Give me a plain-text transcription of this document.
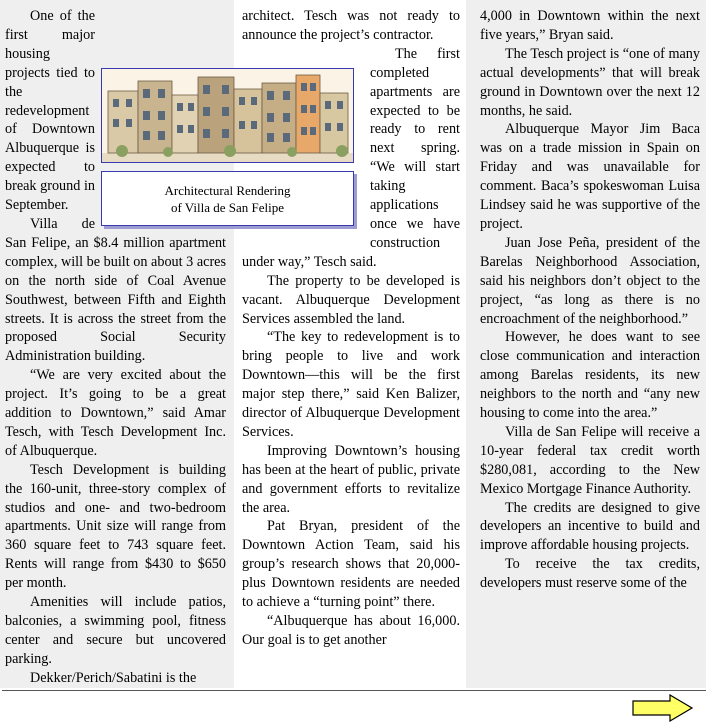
One of the first major housing projects tied to the redevelopment of Downtown Albuquerque is expected to break ground in September.

Villa de San Felipe, an $8.4 million apartment complex, will be built on about 3 acres on the north side of Coal Avenue Southwest, between Fifth and Eighth streets. It is across the street from the proposed Social Security Administration building.

“We are very excited about the project. It’s going to be a great addition to Downtown,” said Amar Tesch, with Tesch Development Inc. of Albuquerque.

Tesch Development is building the 160-unit, three-story complex of studios and one- and two-bedroom apartments. Unit size will range from 360 square feet to 743 square feet. Rents will range from $430 to $650 per month.

Amenities will include patios, balconies, a swimming pool, fitness center and secure but uncovered parking.

Dekker/Perich/Sabatini is the

architect. Tesch was not ready to announce the project’s contractor.

The first completed apartments are expected to be ready to rent next spring. “We will start taking applications once we have construction under way,” Tesch said.

The property to be developed is vacant. Albuquerque Development Services assembled the land.

“The key to redevelopment is to bring people to live and work Downtown—this will be the first major step there,” said Ken Balizer, director of Albuquerque Development Services.

Improving Downtown’s housing has been at the heart of public, private and government efforts to revitalize the area.

Pat Bryan, president of the Downtown Action Team, said his group’s research shows that 20,000-plus Downtown residents are needed to achieve a “turning point” there.

“Albuquerque has about 16,000. Our goal is to get another

4,000 in Downtown within the next five years,” Bryan said.

The Tesch project is “one of many actual developments” that will break ground in Downtown over the next 12 months, he said.

Albuquerque Mayor Jim Baca was on a trade mission in Spain on Friday and was unavailable for comment. Baca’s spokeswoman Luisa Lindsey said he was supportive of the project.

Juan Jose Peña, president of the Barelas Neighborhood Association, said his neighbors don’t object to the project, “as long as there is no encroachment of the neighborhood.”

However, he does want to see close communication and interaction among Barelas residents, its new neighbors to the north and “any new housing to come into the area.”

Villa de San Felipe will receive a 10-year federal tax credit worth $280,081, according to the New Mexico Mortgage Finance Authority.

The credits are designed to give developers an incentive to build and improve affordable housing projects.

To receive the tax credits, developers must reserve some of the

Architectural Rendering
of Villa de San Felipe
